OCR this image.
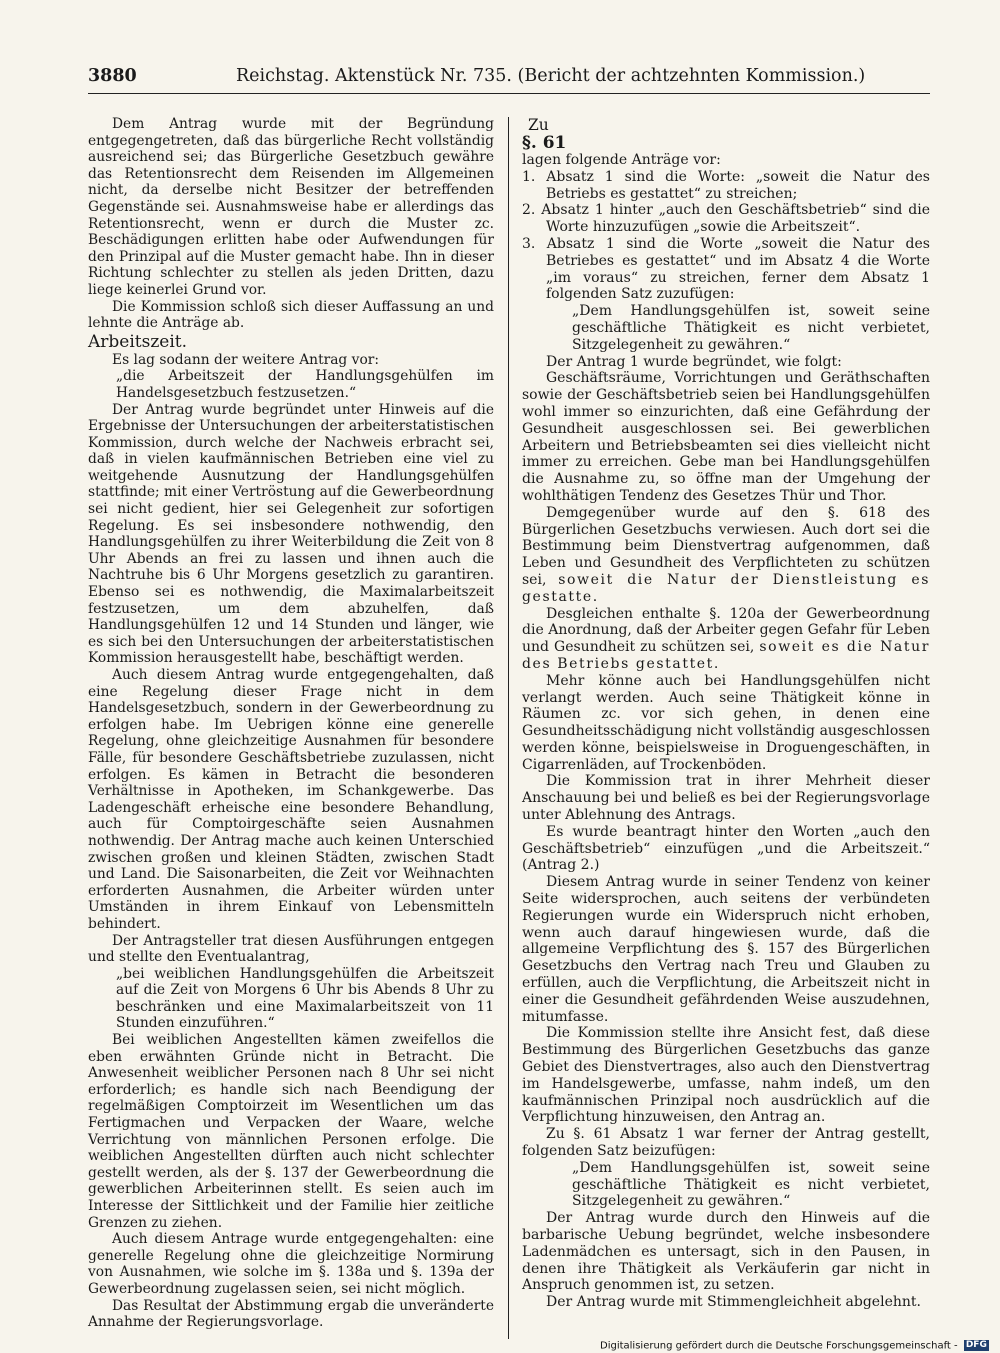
3880	Reichstag. Aktenstück Nr. 735. (Bericht der achtzehnten Kommission.)

Dem Antrag wurde mit der Begründung entgegengetreten, daß das bürgerliche Recht vollständig ausreichend sei; das Bürgerliche Gesetzbuch gewähre das Retentionsrecht dem Reisenden im Allgemeinen nicht, da derselbe nicht Besitzer der betreffenden Gegenstände sei. Ausnahmsweise habe er allerdings das Retentionsrecht, wenn er durch die Muster zc. Beschädigungen erlitten habe oder Aufwendungen für den Prinzipal auf die Muster gemacht habe. Ihn in dieser Richtung schlechter zu stellen als jeden Dritten, dazu liege keinerlei Grund vor.

Die Kommission schloß sich dieser Auffassung an und lehnte die Anträge ab.

Arbeitszeit.

Es lag sodann der weitere Antrag vor:

„die Arbeitszeit der Handlungsgehülfen im Handelsgesetzbuch festzusetzen.“

Der Antrag wurde begründet unter Hinweis auf die Ergebnisse der Untersuchungen der arbeiterstatistischen Kommission, durch welche der Nachweis erbracht sei, daß in vielen kaufmännischen Betrieben eine viel zu weitgehende Ausnutzung der Handlungsgehülfen stattfinde; mit einer Vertröstung auf die Gewerbeordnung sei nicht gedient, hier sei Gelegenheit zur sofortigen Regelung. Es sei insbesondere nothwendig, den Handlungsgehülfen zu ihrer Weiterbildung die Zeit von 8 Uhr Abends an frei zu lassen und ihnen auch die Nachtruhe bis 6 Uhr Morgens gesetzlich zu garantiren. Ebenso sei es nothwendig, die Maximalarbeitszeit festzusetzen, um dem abzuhelfen, daß Handlungsgehülfen 12 und 14 Stunden und länger, wie es sich bei den Untersuchungen der arbeiterstatistischen Kommission herausgestellt habe, beschäftigt werden.

Auch diesem Antrag wurde entgegengehalten, daß eine Regelung dieser Frage nicht in dem Handelsgesetzbuch, sondern in der Gewerbeordnung zu erfolgen habe. Im Uebrigen könne eine generelle Regelung, ohne gleichzeitige Ausnahmen für besondere Fälle, für besondere Geschäftsbetriebe zuzulassen, nicht erfolgen. Es kämen in Betracht die besonderen Verhältnisse in Apotheken, im Schankgewerbe. Das Ladengeschäft erheische eine besondere Behandlung, auch für Comptoirgeschäfte seien Ausnahmen nothwendig. Der Antrag mache auch keinen Unterschied zwischen großen und kleinen Städten, zwischen Stadt und Land. Die Saisonarbeiten, die Zeit vor Weihnachten erforderten Ausnahmen, die Arbeiter würden unter Umständen in ihrem Einkauf von Lebensmitteln behindert.

Der Antragsteller trat diesen Ausführungen entgegen und stellte den Eventualantrag,

„bei weiblichen Handlungsgehülfen die Arbeitszeit auf die Zeit von Morgens 6 Uhr bis Abends 8 Uhr zu beschränken und eine Maximalarbeitszeit von 11 Stunden einzuführen.“

Bei weiblichen Angestellten kämen zweifellos die eben erwähnten Gründe nicht in Betracht. Die Anwesenheit weiblicher Personen nach 8 Uhr sei nicht erforderlich; es handle sich nach Beendigung der regelmäßigen Comptoirzeit im Wesentlichen um das Fertigmachen und Verpacken der Waare, welche Verrichtung von männlichen Personen erfolge. Die weiblichen Angestellten dürften auch nicht schlechter gestellt werden, als der §. 137 der Gewerbeordnung die gewerblichen Arbeiterinnen stellt. Es seien auch im Interesse der Sittlichkeit und der Familie hier zeitliche Grenzen zu ziehen.

Auch diesem Antrage wurde entgegengehalten: eine generelle Regelung ohne die gleichzeitige Normirung von Ausnahmen, wie solche im §. 138a und §. 139a der Gewerbeordnung zugelassen seien, sei nicht möglich.

Das Resultat der Abstimmung ergab die unveränderte Annahme der Regierungsvorlage.

Zu

§. 61

lagen folgende Anträge vor:

1. Absatz 1 sind die Worte: „soweit die Natur des Betriebs es gestattet“ zu streichen;

2. Absatz 1 hinter „auch den Geschäftsbetrieb“ sind die Worte hinzuzufügen „sowie die Arbeitszeit“.

3. Absatz 1 sind die Worte „soweit die Natur des Betriebes es gestattet“ und im Absatz 4 die Worte „im voraus“ zu streichen, ferner dem Absatz 1 folgenden Satz zuzufügen:

„Dem Handlungsgehülfen ist, soweit seine geschäftliche Thätigkeit es nicht verbietet, Sitzgelegenheit zu gewähren.“

Der Antrag 1 wurde begründet, wie folgt:

Geschäftsräume, Vorrichtungen und Geräthschaften sowie der Geschäftsbetrieb seien bei Handlungsgehülfen wohl immer so einzurichten, daß eine Gefährdung der Gesundheit ausgeschlossen sei. Bei gewerblichen Arbeitern und Betriebsbeamten sei dies vielleicht nicht immer zu erreichen. Gebe man bei Handlungsgehülfen die Ausnahme zu, so öffne man der Umgehung der wohlthätigen Tendenz des Gesetzes Thür und Thor.

Demgegenüber wurde auf den §. 618 des Bürgerlichen Gesetzbuchs verwiesen. Auch dort sei die Bestimmung beim Dienstvertrag aufgenommen, daß Leben und Gesundheit des Verpflichteten zu schützen sei, soweit die Natur der Dienstleistung es gestatte.

Desgleichen enthalte §. 120a der Gewerbeordnung die Anordnung, daß der Arbeiter gegen Gefahr für Leben und Gesundheit zu schützen sei, soweit es die Natur des Betriebs gestattet.

Mehr könne auch bei Handlungsgehülfen nicht verlangt werden. Auch seine Thätigkeit könne in Räumen zc. vor sich gehen, in denen eine Gesundheitsschädigung nicht vollständig ausgeschlossen werden könne, beispielsweise in Droguengeschäften, in Cigarrenläden, auf Trockenböden.

Die Kommission trat in ihrer Mehrheit dieser Anschauung bei und beließ es bei der Regierungsvorlage unter Ablehnung des Antrags.

Es wurde beantragt hinter den Worten „auch den Geschäftsbetrieb“ einzufügen „und die Arbeitszeit.“ (Antrag 2.)

Diesem Antrag wurde in seiner Tendenz von keiner Seite widersprochen, auch seitens der verbündeten Regierungen wurde ein Widerspruch nicht erhoben, wenn auch darauf hingewiesen wurde, daß die allgemeine Verpflichtung des §. 157 des Bürgerlichen Gesetzbuchs den Vertrag nach Treu und Glauben zu erfüllen, auch die Verpflichtung, die Arbeitszeit nicht in einer die Gesundheit gefährdenden Weise auszudehnen, mitumfasse.

Die Kommission stellte ihre Ansicht fest, daß diese Bestimmung des Bürgerlichen Gesetzbuchs das ganze Gebiet des Dienstvertrages, also auch den Dienstvertrag im Handelsgewerbe, umfasse, nahm indeß, um den kaufmännischen Prinzipal noch ausdrücklich auf die Verpflichtung hinzuweisen, den Antrag an.

Zu §. 61 Absatz 1 war ferner der Antrag gestellt, folgenden Satz beizufügen:

„Dem Handlungsgehülfen ist, soweit seine geschäftliche Thätigkeit es nicht verbietet, Sitzgelegenheit zu gewähren.“

Der Antrag wurde durch den Hinweis auf die barbarische Uebung begründet, welche insbesondere Ladenmädchen es untersagt, sich in den Pausen, in denen ihre Thätigkeit als Verkäuferin gar nicht in Anspruch genommen ist, zu setzen.

Der Antrag wurde mit Stimmengleichheit abgelehnt.

Digitalisierung gefördert durch die Deutsche Forschungsgemeinschaft - DFG
